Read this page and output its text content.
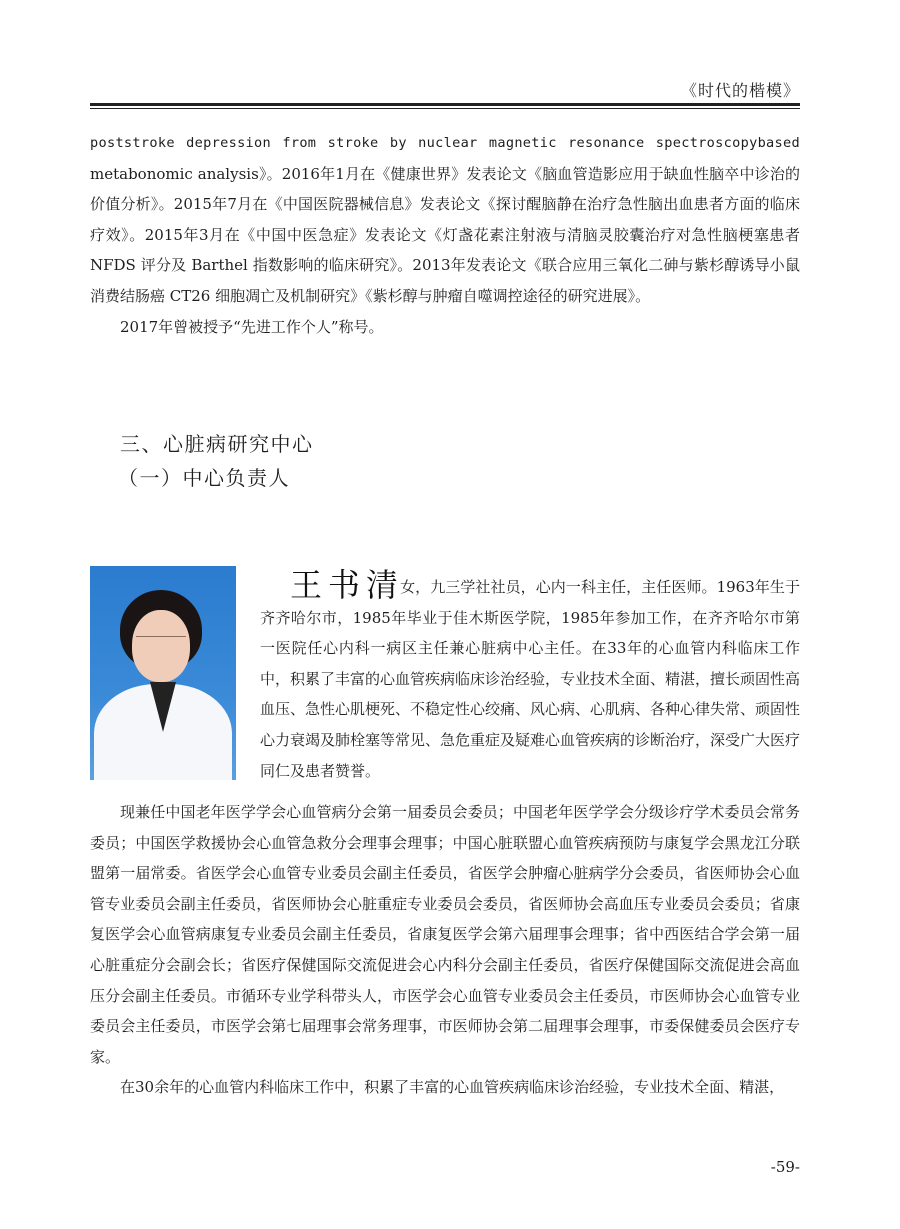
《时代的楷模》

poststroke depression from stroke by nuclear magnetic resonance spectroscopybased

metabonomic analysis》。2016年1月在《健康世界》发表论文《脑血管造影应用于缺血性脑卒中诊治的价值分析》。2015年7月在《中国医院器械信息》发表论文《探讨醒脑静在治疗急性脑出血患者方面的临床疗效》。2015年3月在《中国中医急症》发表论文《灯盏花素注射液与清脑灵胶囊治疗对急性脑梗塞患者 NFDS 评分及 Barthel 指数影响的临床研究》。2013年发表论文《联合应用三氧化二砷与紫杉醇诱导小鼠消费结肠癌 CT26 细胞凋亡及机制研究》《紫杉醇与肿瘤自噬调控途径的研究进展》。

2017年曾被授予“先进工作个人”称号。

三、心脏病研究中心
（一）中心负责人
王书清
女，九三学社社员，心内一科主任，主任医师。1963年生于齐齐哈尔市，1985年毕业于佳木斯医学院，1985年参加工作，在齐齐哈尔市第一医院任心内科一病区主任兼心脏病中心主任。在33年的心血管内科临床工作中，积累了丰富的心血管疾病临床诊治经验，专业技术全面、精湛，擅长顽固性高血压、急性心肌梗死、不稳定性心绞痛、风心病、心肌病、各种心律失常、顽固性心力衰竭及肺栓塞等常见、急危重症及疑难心血管疾病的诊断治疗，深受广大医疗同仁及患者赞誉。

现兼任中国老年医学学会心血管病分会第一届委员会委员；中国老年医学学会分级诊疗学术委员会常务委员；中国医学救援协会心血管急救分会理事会理事；中国心脏联盟心血管疾病预防与康复学会黑龙江分联盟第一届常委。省医学会心血管专业委员会副主任委员，省医学会肿瘤心脏病学分会委员，省医师协会心血管专业委员会副主任委员，省医师协会心脏重症专业委员会委员，省医师协会高血压专业委员会委员；省康复医学会心血管病康复专业委员会副主任委员，省康复医学会第六届理事会理事；省中西医结合学会第一届心脏重症分会副会长；省医疗保健国际交流促进会心内科分会副主任委员，省医疗保健国际交流促进会高血压分会副主任委员。市循环专业学科带头人，市医学会心血管专业委员会主任委员，市医师协会心血管专业委员会主任委员，市医学会第七届理事会常务理事，市医师协会第二届理事会理事，市委保健委员会医疗专家。

在30余年的心血管内科临床工作中，积累了丰富的心血管疾病临床诊治经验，专业技术全面、精湛，

-59-
